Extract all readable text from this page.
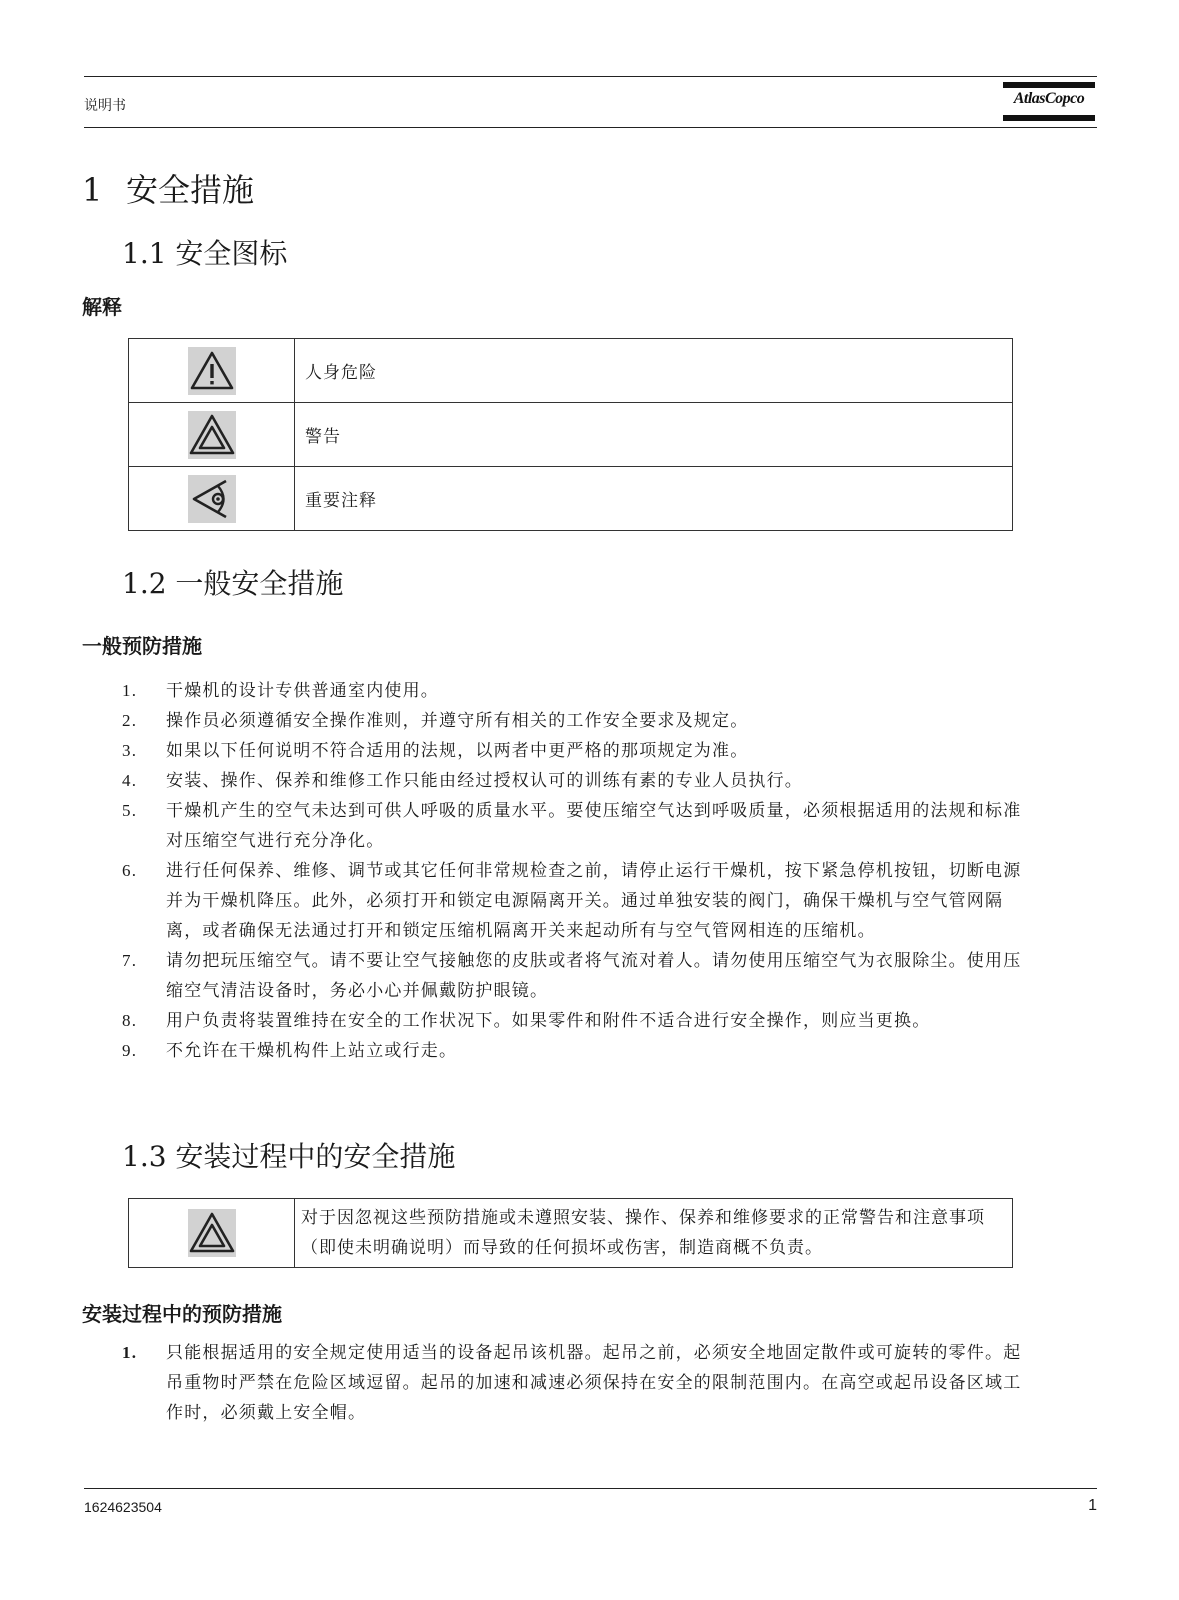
说明书	AtlasCopco
1 安全措施
1.1 安全图标
解释
	人身危险

	警告

	重要注释
1.2 一般安全措施
一般预防措施
1.	干燥机的设计专供普通室内使用。
2.	操作员必须遵循安全操作准则，并遵守所有相关的工作安全要求及规定。
3.	如果以下任何说明不符合适用的法规，以两者中更严格的那项规定为准。
4.	安装、操作、保养和维修工作只能由经过授权认可的训练有素的专业人员执行。
5.	干燥机产生的空气未达到可供人呼吸的质量水平。要使压缩空气达到呼吸质量，必须根据适用的法规和标准对压缩空气进行充分净化。
6.	进行任何保养、维修、调节或其它任何非常规检查之前，请停止运行干燥机，按下紧急停机按钮，切断电源并为干燥机降压。此外，必须打开和锁定电源隔离开关。通过单独安装的阀门，确保干燥机与空气管网隔离，或者确保无法通过打开和锁定压缩机隔离开关来起动所有与空气管网相连的压缩机。
7.	请勿把玩压缩空气。请不要让空气接触您的皮肤或者将气流对着人。请勿使用压缩空气为衣服除尘。使用压缩空气清洁设备时，务必小心并佩戴防护眼镜。
8.	用户负责将装置维持在安全的工作状况下。如果零件和附件不适合进行安全操作，则应当更换。
9.	不允许在干燥机构件上站立或行走。
1.3 安装过程中的安全措施
	对于因忽视这些预防措施或未遵照安装、操作、保养和维修要求的正常警告和注意事项（即使未明确说明）而导致的任何损坏或伤害，制造商概不负责。
安装过程中的预防措施
1.	只能根据适用的安全规定使用适当的设备起吊该机器。起吊之前，必须安全地固定散件或可旋转的零件。起吊重物时严禁在危险区域逗留。起吊的加速和减速必须保持在安全的限制范围内。在高空或起吊设备区域工作时，必须戴上安全帽。
1624623504	1
